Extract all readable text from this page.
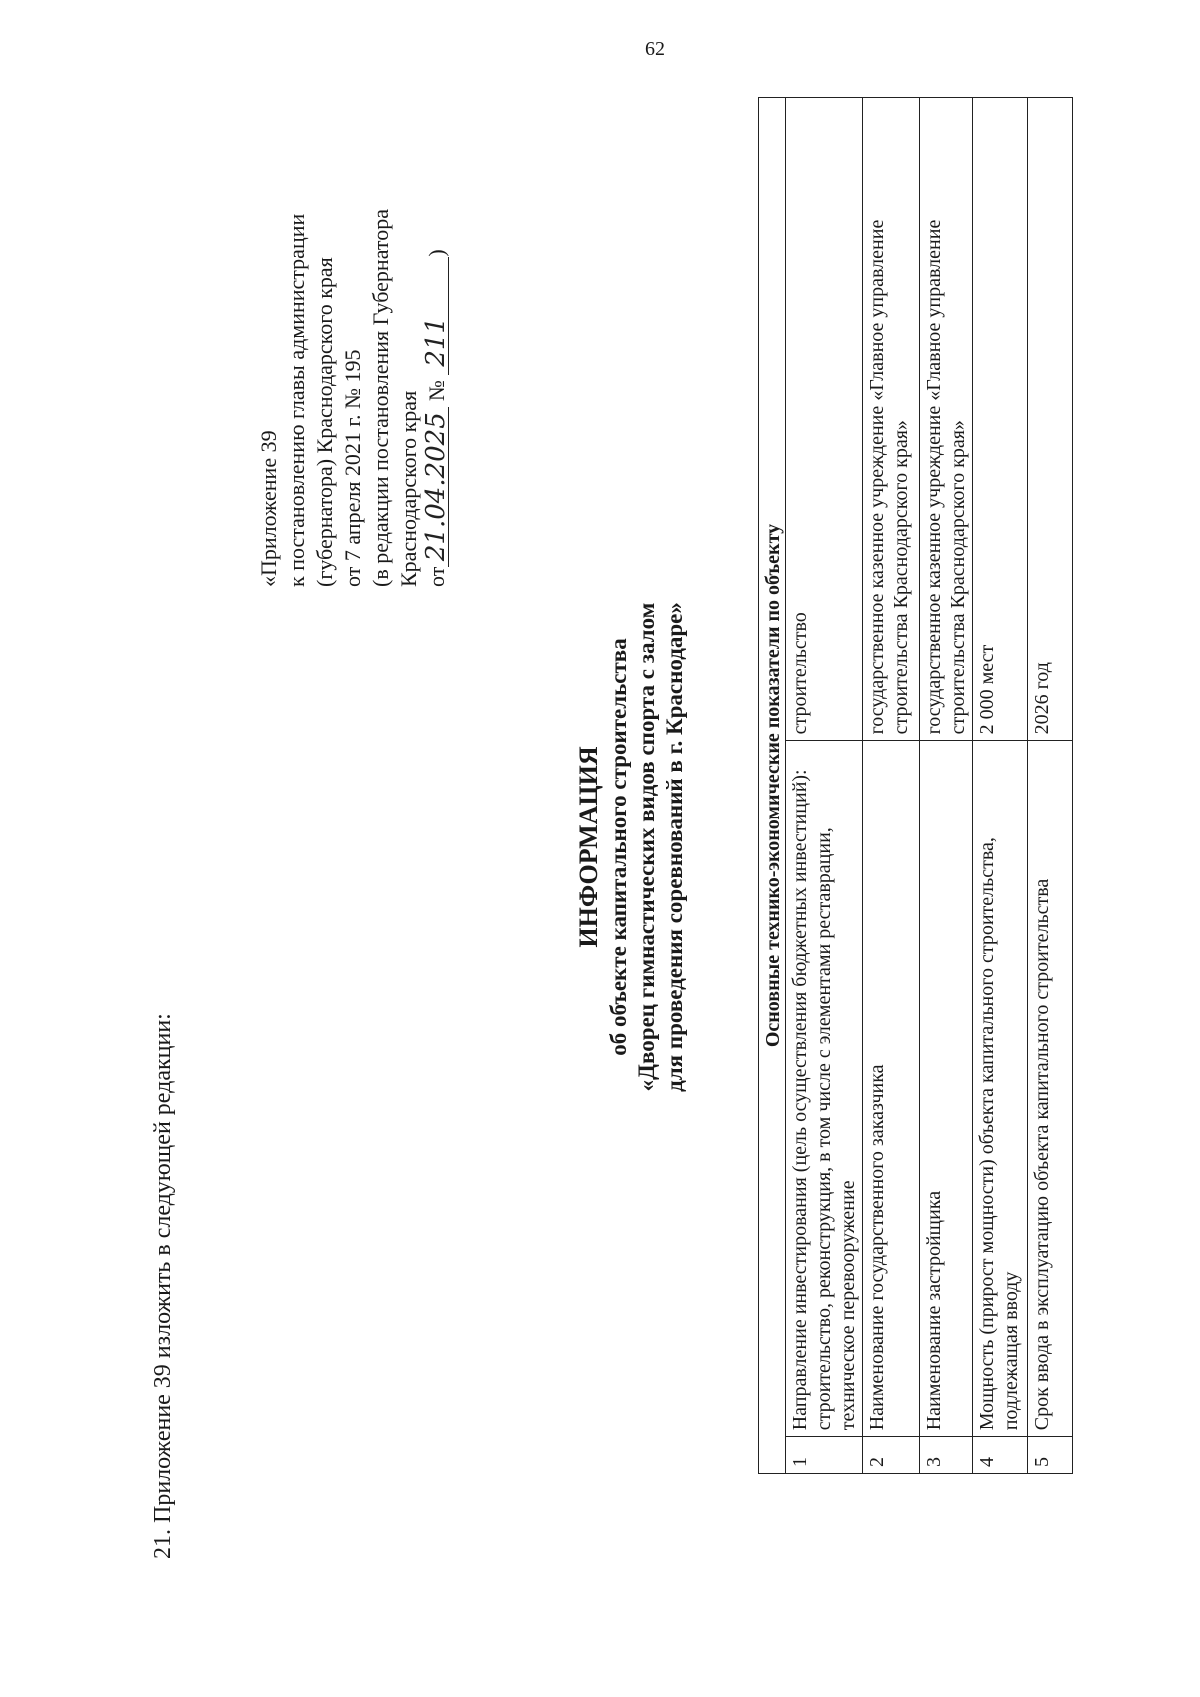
62
21. Приложение 39 изложить в следующей редакции:
«Приложение 39 к постановлению главы администрации (губернатора) Краснодарского края от 7 апреля 2021 г. № 195 (в редакции постановления Губернатора Краснодарского края от21.04.2025 № 211)
ИНФОРМАЦИЯ об объекте капитального строительства «Дворец гимнастических видов спорта с залом для проведения соревнований в г. Краснодаре»	Основные технико-экономические показатели по объекту		
1	Направление инвестирования (цель осуществления бюджетных инвестиций): строительство, реконструкция, в том числе с элементами реставрации, техническое перевооружение	строительство
2	Наименование государственного заказчика	государственное казенное учреждение «Главное управление строительства Краснодарского края»
3	Наименование застройщика	государственное казенное учреждение «Главное управление строительства Краснодарского края»
4	Мощность (прирост мощности) объекта капитального строительства, подлежащая вводу	2 000 мест
5	Срок ввода в эксплуатацию объекта капитального строительства	2026 год
